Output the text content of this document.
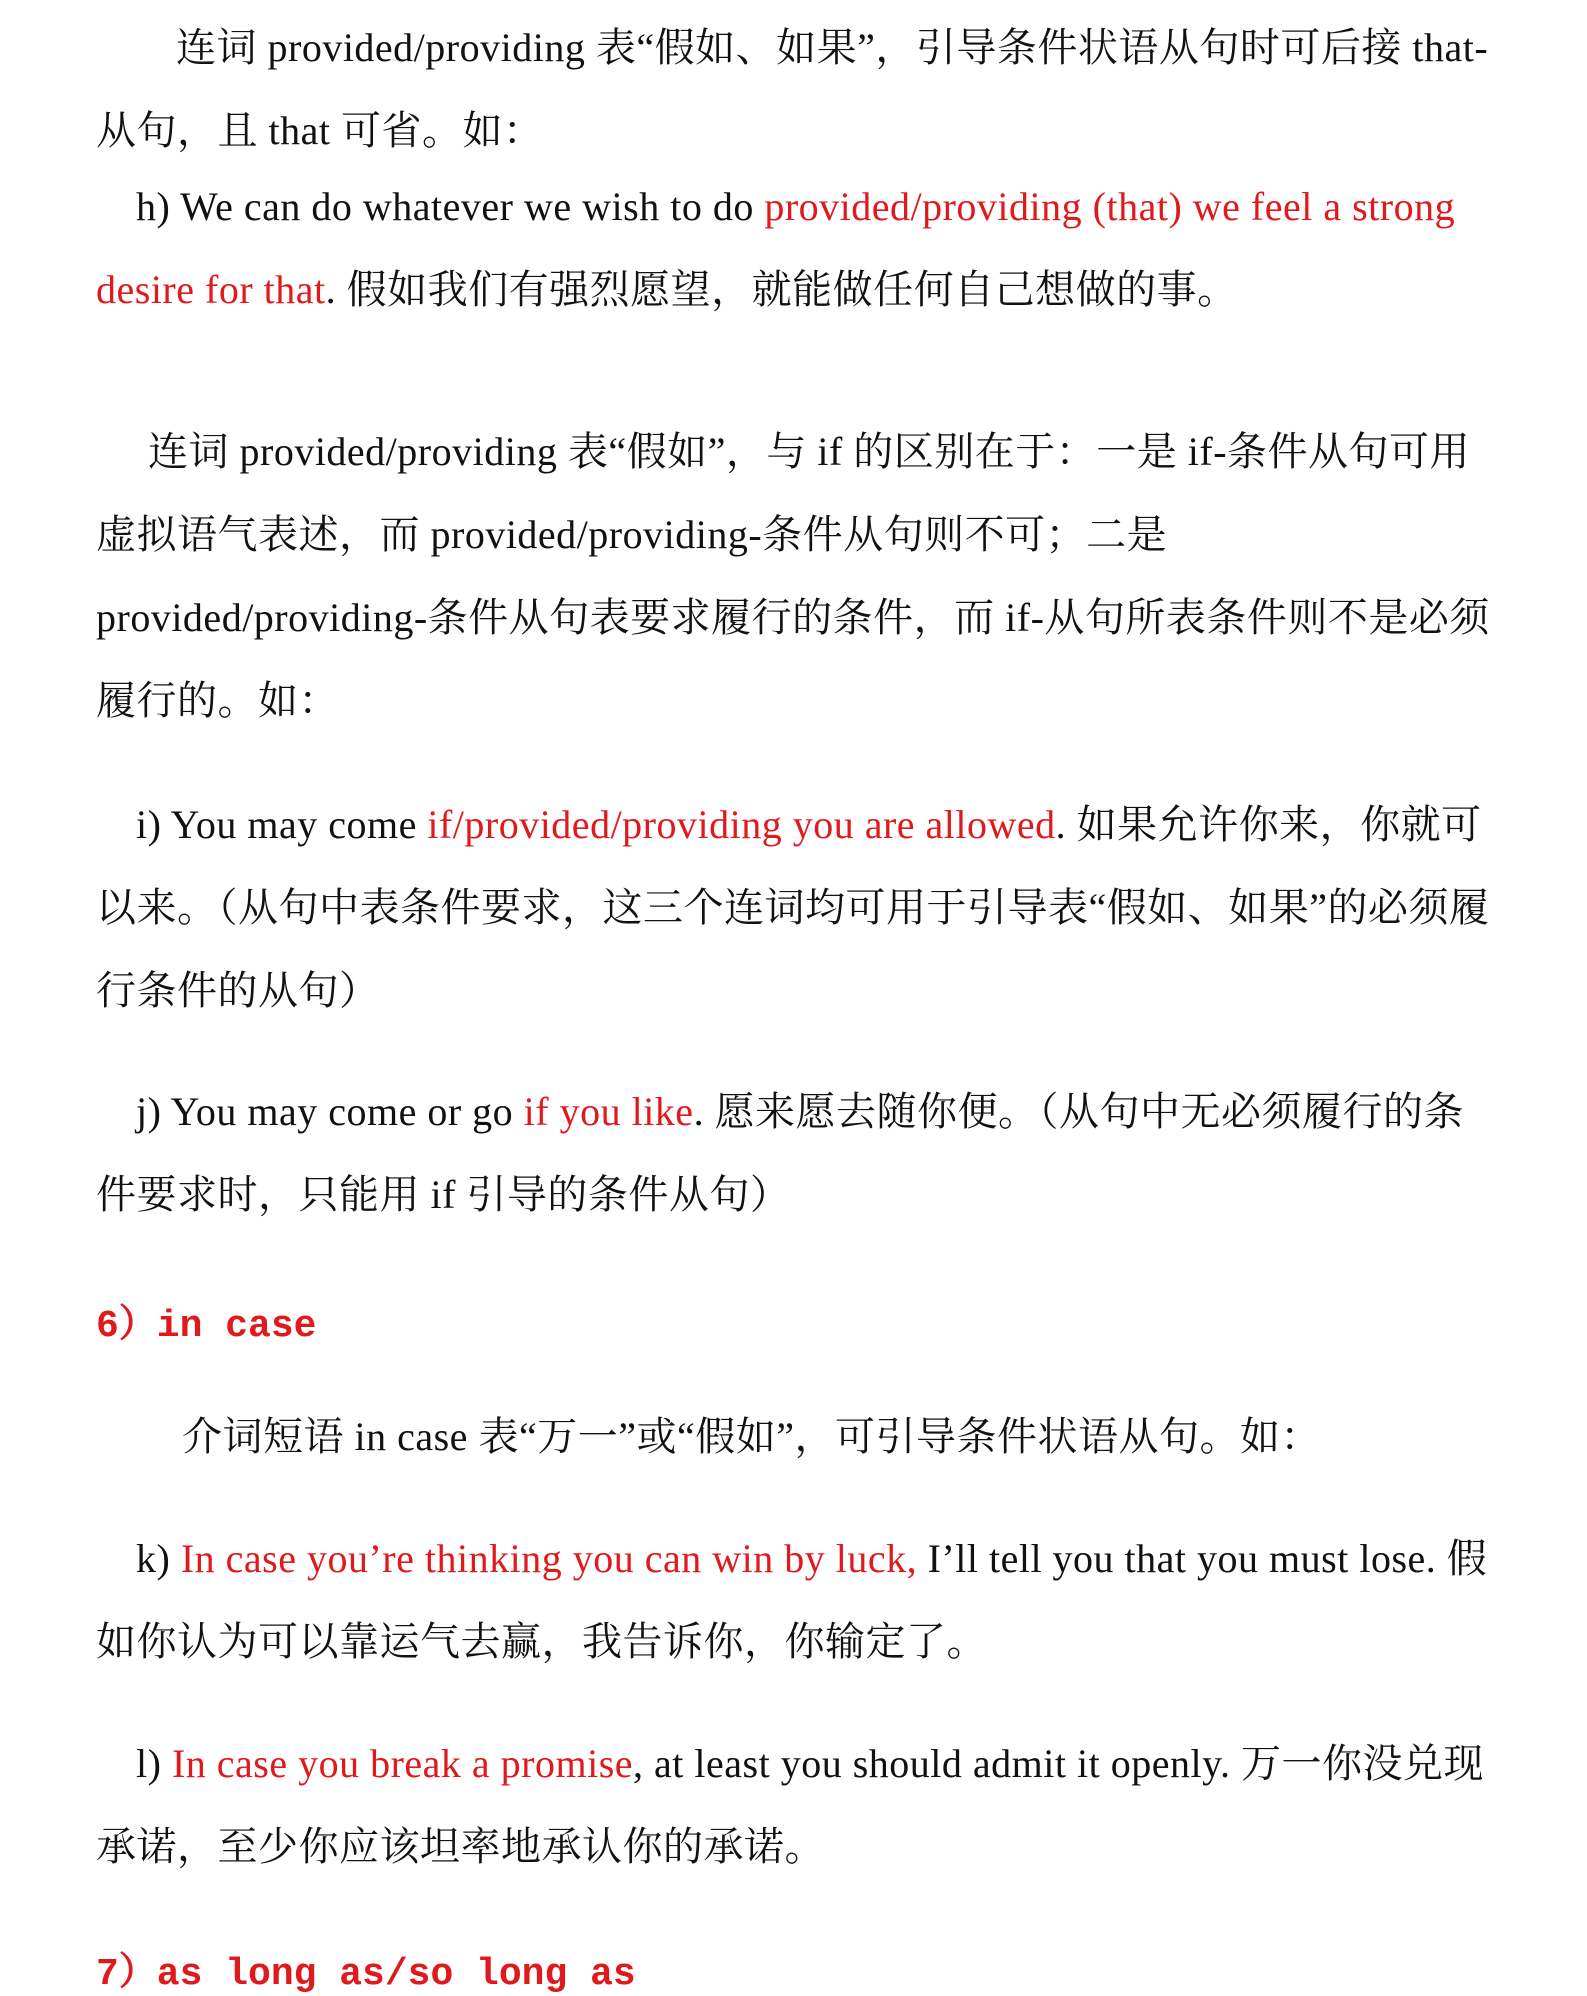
连词 provided/providing 表“假如、如果”，引导条件状语从句时可后接 that-从句，且 that 可省。如：

h) We can do whatever we wish to do provided/providing (that) we feel a strong desire for that. 假如我们有强烈愿望，就能做任何自己想做的事。

连词 provided/providing 表“假如”，与 if 的区别在于：一是 if-条件从句可用虚拟语气表述，而 provided/providing-条件从句则不可；二是 provided/providing-条件从句表要求履行的条件，而 if-从句所表条件则不是必须履行的。如：

i) You may come if/provided/providing you are allowed. 如果允许你来，你就可以来。（从句中表条件要求，这三个连词均可用于引导表“假如、如果”的必须履行条件的从句）

j) You may come or go if you like. 愿来愿去随你便。（从句中无必须履行的条件要求时，只能用 if 引导的条件从句）

6）in case

介词短语 in case 表“万一”或“假如”，可引导条件状语从句。如：

k) In case you’re thinking you can win by luck, I’ll tell you that you must lose. 假如你认为可以靠运气去赢，我告诉你，你输定了。

l) In case you break a promise, at least you should admit it openly. 万一你没兑现承诺，至少你应该坦率地承认你的承诺。

7）as long as/so long as
